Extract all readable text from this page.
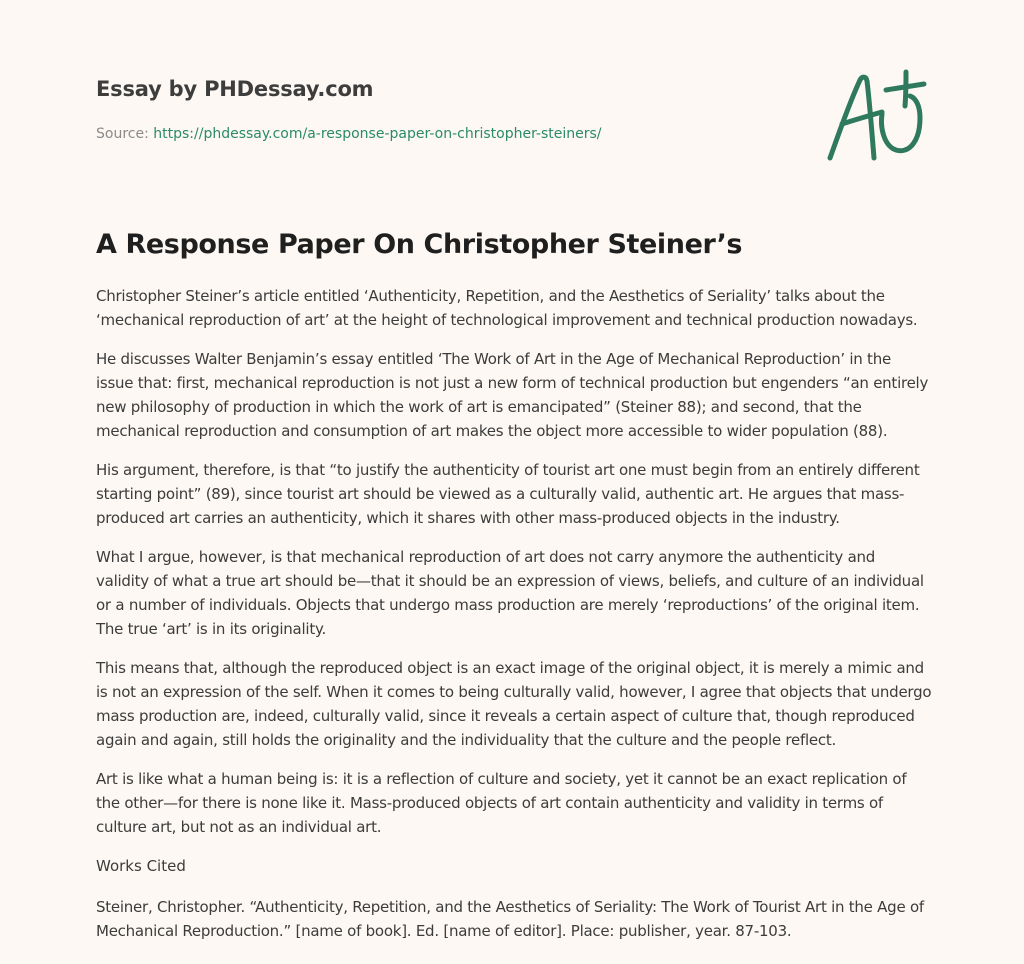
Essay by PHDessay.com
Source: https://phdessay.com/a-response-paper-on-christopher-steiners/
A Response Paper On Christopher Steiner’s

Christopher Steiner’s article entitled ‘Authenticity, Repetition, and the Aesthetics of Seriality’ talks about the ‘mechanical reproduction of art’ at the height of technological improvement and technical production nowadays.

He discusses Walter Benjamin’s essay entitled ‘The Work of Art in the Age of Mechanical Reproduction’ in the issue that: first, mechanical reproduction is not just a new form of technical production but engenders “an entirely new philosophy of production in which the work of art is emancipated” (Steiner 88); and second, that the mechanical reproduction and consumption of art makes the object more accessible to wider population (88).

His argument, therefore, is that “to justify the authenticity of tourist art one must begin from an entirely different starting point” (89), since tourist art should be viewed as a culturally valid, authentic art. He argues that mass-produced art carries an authenticity, which it shares with other mass-produced objects in the industry.

What I argue, however, is that mechanical reproduction of art does not carry anymore the authenticity and validity of what a true art should be—that it should be an expression of views, beliefs, and culture of an individual or a number of individuals. Objects that undergo mass production are merely ‘reproductions’ of the original item. The true ‘art’ is in its originality.

This means that, although the reproduced object is an exact image of the original object, it is merely a mimic and is not an expression of the self. When it comes to being culturally valid, however, I agree that objects that undergo mass production are, indeed, culturally valid, since it reveals a certain aspect of culture that, though reproduced again and again, still holds the originality and the individuality that the culture and the people reflect.

Art is like what a human being is: it is a reflection of culture and society, yet it cannot be an exact replication of the other—for there is none like it. Mass-produced objects of art contain authenticity and validity in terms of culture art, but not as an individual art.

Works Cited

Steiner, Christopher. “Authenticity, Repetition, and the Aesthetics of Seriality: The Work of Tourist Art in the Age of Mechanical Reproduction.” [name of book]. Ed. [name of editor]. Place: publisher, year. 87-103.
